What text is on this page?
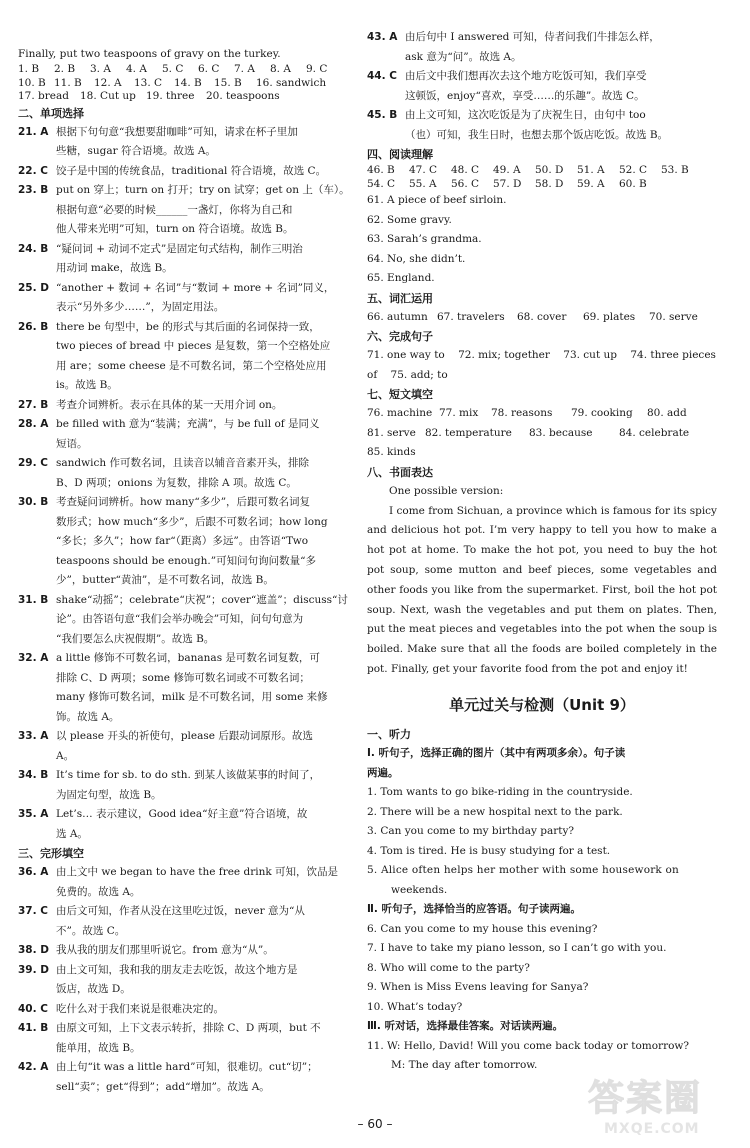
Finally, put two teaspoons of gravy on the turkey.

1. B	2. B	3. A	4. A	5. C	6. C	7. A	8. A	9. C
10. B 11. B	12. A	13. C	14. B	15. B	16. sandwich
17. bread	18. Cut up 19. three	20. teaspoons

二、单项选择

21. A 根据下句句意“我想要甜咖啡”可知，请求在杯子里加

些糖，sugar 符合语境。故选 A。

22. C 饺子是中国的传统食品，traditional 符合语境，故选 C。

23. B put on 穿上；turn on 打开；try on 试穿；get on 上（车）。

根据句意“必要的时候______一盏灯，你将为自己和

他人带来光明”可知，turn on 符合语境。故选 B。

24. B “疑问词 + 动词不定式”是固定句式结构，制作三明治

用动词 make，故选 B。

25. D “another + 数词 + 名词”与“数词 + more + 名词”同义，

表示“另外多少……”，为固定用法。

26. B there be 句型中，be 的形式与其后面的名词保持一致，

two pieces of bread 中 pieces 是复数，第一个空格处应

用 are；some cheese 是不可数名词，第二个空格处应用

is。故选 B。

27. B 考查介词辨析。表示在具体的某一天用介词 on。

28. A be filled with 意为“装满；充满”，与 be full of 是同义

短语。

29. C sandwich 作可数名词，且读音以辅音音素开头，排除

B、D 两项；onions 为复数，排除 A 项。故选 C。

30. B 考查疑问词辨析。how many“多少”，后跟可数名词复

数形式；how much“多少”，后跟不可数名词；how long

“多长；多久”；how far“（距离）多远”。由答语“Two

teaspoons should be enough.”可知问句询问数量“多

少”，butter“黄油”，是不可数名词，故选 B。

31. B shake“动摇”；celebrate“庆祝”；cover“遮盖”；discuss“讨

论”。由答语句意“我们会举办晚会”可知，问句句意为

“我们要怎么庆祝假期”。故选 B。

32. A a little 修饰不可数名词，bananas 是可数名词复数，可

排除 C、D 两项；some 修饰可数名词或不可数名词；

many 修饰可数名词，milk 是不可数名词，用 some 来修

饰。故选 A。

33. A 以 please 开头的祈使句，please 后跟动词原形。故选

A。

34. B It’s time for sb. to do sth. 到某人该做某事的时间了，

为固定句型，故选 B。

35. A Let’s… 表示建议，Good idea“好主意”符合语境，故

选 A。

三、完形填空

36. A 由上文中 we began to have the free drink 可知，饮品是

免费的。故选 A。

37. C 由后文可知，作者从没在这里吃过饭，never 意为“从

不”。故选 C。

38. D 我从我的朋友们那里听说它。from 意为“从”。

39. D 由上文可知，我和我的朋友走去吃饭，故这个地方是

饭店，故选 D。

40. C 吃什么对于我们来说是很难决定的。

41. B 由原文可知，上下文表示转折，排除 C、D 两项，but 不

能单用，故选 B。

42. A 由上句“it was a little hard”可知，很难切。cut“切”；

sell“卖”；get“得到”；add“增加”。故选 A。

43. A 由后句中 I answered 可知，侍者问我们牛排怎么样，

ask 意为“问”。故选 A。

44. C 由后文中我们想再次去这个地方吃饭可知，我们享受

这顿饭，enjoy“喜欢，享受……的乐趣”。故选 C。

45. B 由上文可知，这次吃饭是为了庆祝生日，由句中 too

（也）可知，我生日时，也想去那个饭店吃饭。故选 B。

四、阅读理解

46. B	47. C	48. C	49. A	50. D	51. A	52. C	53. B
54. C	55. A	56. C	57. D	58. D	59. A	60. B

61. A piece of beef sirloin.

62. Some gravy.

63. Sarah’s grandma.

64. No, she didn’t.

65. England.

五、词汇运用

66. autumn 67. travelers	68. cover	69. plates	70. serve

六、完成句子

71. one way to    72. mix; together    73. cut up    74. three pieces

of    75. add; to

七、短文填空

76. machine 77. mix	78. reasons	79. cooking	80. add
81. serve 82. temperature	83. because	84. celebrate
85. kinds

八、书面表达

One possible version:

I come from Sichuan, a province which is famous for its spicy and delicious hot pot. I’m very happy to tell you how to make a hot pot at home. To make the hot pot, you need to buy the hot pot soup, some mutton and beef pieces, some vegetables and other foods you like from the supermarket. First, boil the hot pot soup. Next, wash the vegetables and put them on plates. Then, put the meat pieces and vegetables into the pot when the soup is boiled. Make sure that all the foods are boiled completely in the pot. Finally, get your favorite food from the pot and enjoy it!

单元过关与检测（Unit 9）

一、听力

Ⅰ. 听句子，选择正确的图片（其中有两项多余）。句子读

两遍。

1. Tom wants to go bike-riding in the countryside.

2. There will be a new hospital next to the park.

3. Can you come to my birthday party?

4. Tom is tired. He is busy studying for a test.

5. Alice often helps her mother with some housework on

weekends.

Ⅱ. 听句子，选择恰当的应答语。句子读两遍。

6. Can you come to my house this evening?

7. I have to take my piano lesson, so I can’t go with you.

8. Who will come to the party?

9. When is Miss Evens leaving for Sanya?

10. What’s today?

Ⅲ. 听对话，选择最佳答案。对话读两遍。

11. W: Hello, David! Will you come back today or tomorrow?

M: The day after tomorrow.

– 60 –
答案圈
MXQE.COM
